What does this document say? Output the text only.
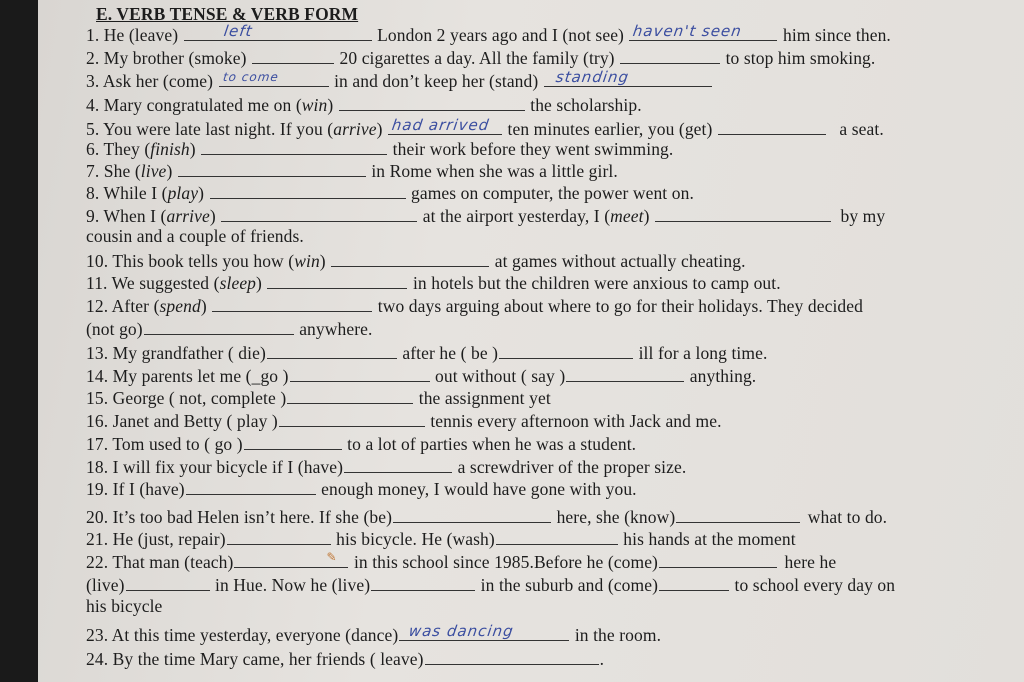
E. VERB TENSE & VERB FORM
1. He (leave)	left	London 2 years ago and I (not see) haven't seen him since then.
2. My brother (smoke)	20 cigarettes a day. All the family (try)	to stop him smoking.
3. Ask her (come) to come	in and don’t keep her (stand) standing
4. Mary congratulated me on (win)	the scholarship.
5. You were late last night. If you (arrive) had arrived ten minutes earlier, you (get)	a seat.
6. They (finish)	their work before they went swimming.
7. She (live)	in Rome when she was a little girl.
8. While I (play)	games on computer, the power went on.
9. When I (arrive)	at the airport yesterday, I (meet)	by my
cousin and a couple of friends.
10. This book tells you how (win)	at games without actually cheating.
11. We suggested (sleep)	in hotels but the children were anxious to camp out.
12. After (spend)	two days arguing about where to go for their holidays. They decided
(not go)	anywhere.
13. My grandfather ( die)	after he ( be )	ill for a long time.
14. My parents let me (_go )	out without ( say )	anything.
15. George ( not, complete )	the assignment yet
16. Janet and Betty ( play )	tennis every afternoon with Jack and me.
17. Tom used to ( go )	to a lot of parties when he was a student.
18. I will fix your bicycle if I (have)	a screwdriver of the proper size.
19. If I (have)	enough money, I would have gone with you.
20. It’s too bad Helen isn’t here. If she (be)	here, she (know)	what to do.
21. He (just, repair)	his bicycle. He (wash)	his hands at the moment
22. That man (teach)	✎ in this school since 1985.Before he (come)	here he
(live)	in Hue. Now he (live)	in the suburb and (come)	to school every day on
his bicycle
23. At this time yesterday, everyone (dance) was dancing	in the room.
24. By the time Mary came, her friends ( leave)	.
